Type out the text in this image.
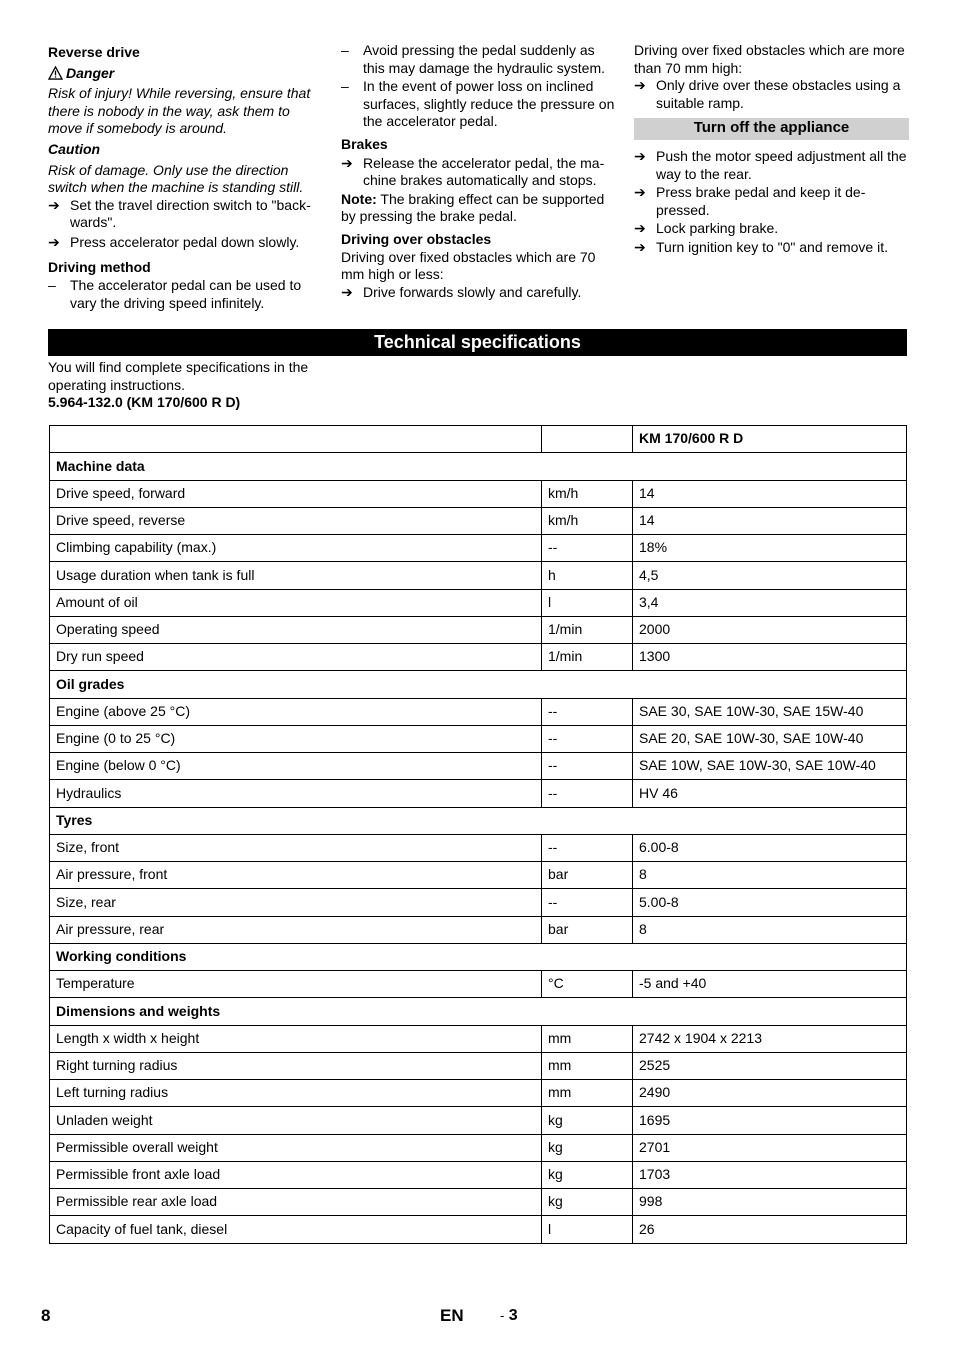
Reverse drive
Danger
Risk of injury! While reversing, ensure that there is nobody in the way, ask them to move if somebody is around.
Caution
Risk of damage. Only use the direction switch when the machine is standing still.
➔ Set the travel direction switch to "back-wards".
➔ Press accelerator pedal down slowly.
Driving method
–	The accelerator pedal can be used to vary the driving speed infinitely.
–	Avoid pressing the pedal suddenly as this may damage the hydraulic system.
–	In the event of power loss on inclined surfaces, slightly reduce the pressure on the accelerator pedal.
Brakes
➔ Release the accelerator pedal, the ma-chine brakes automatically and stops.
Note: The braking effect can be supported by pressing the brake pedal.
Driving over obstacles
Driving over fixed obstacles which are 70 mm high or less:
➔ Drive forwards slowly and carefully.
Driving over fixed obstacles which are more than 70 mm high:
➔ Only drive over these obstacles using a suitable ramp.
Turn off the appliance
➔ Push the motor speed adjustment all the way to the rear.
➔ Press brake pedal and keep it de-pressed.
➔ Lock parking brake.
➔ Turn ignition key to "0" and remove it.
Technical specifications
You will find complete specifications in the operating instructions.
5.964-132.0 (KM 170/600 R D)
		KM 170/600 R D
Machine data		
Drive speed, forward	km/h	14
Drive speed, reverse	km/h	14
Climbing capability (max.)	--	18%
Usage duration when tank is full	h	4,5
Amount of oil	l	3,4
Operating speed	1/min	2000
Dry run speed	1/min	1300
Oil grades		
Engine (above 25 °C)	--	SAE 30, SAE 10W-30, SAE 15W-40
Engine (0 to 25 °C)	--	SAE 20, SAE 10W-30, SAE 10W-40
Engine (below 0 °C)	--	SAE 10W, SAE 10W-30, SAE 10W-40
Hydraulics	--	HV 46
Tyres		
Size, front	--	6.00-8
Air pressure, front	bar	8
Size, rear	--	5.00-8
Air pressure, rear	bar	8
Working conditions		
Temperature	°C	-5 and +40
Dimensions and weights		
Length x width x height	mm	2742 x 1904 x 2213
Right turning radius	mm	2525
Left turning radius	mm	2490
Unladen weight	kg	1695
Permissible overall weight	kg	2701
Permissible front axle load	kg	1703
Permissible rear axle load	kg	998
Capacity of fuel tank, diesel	l	26
8	EN	- 3
